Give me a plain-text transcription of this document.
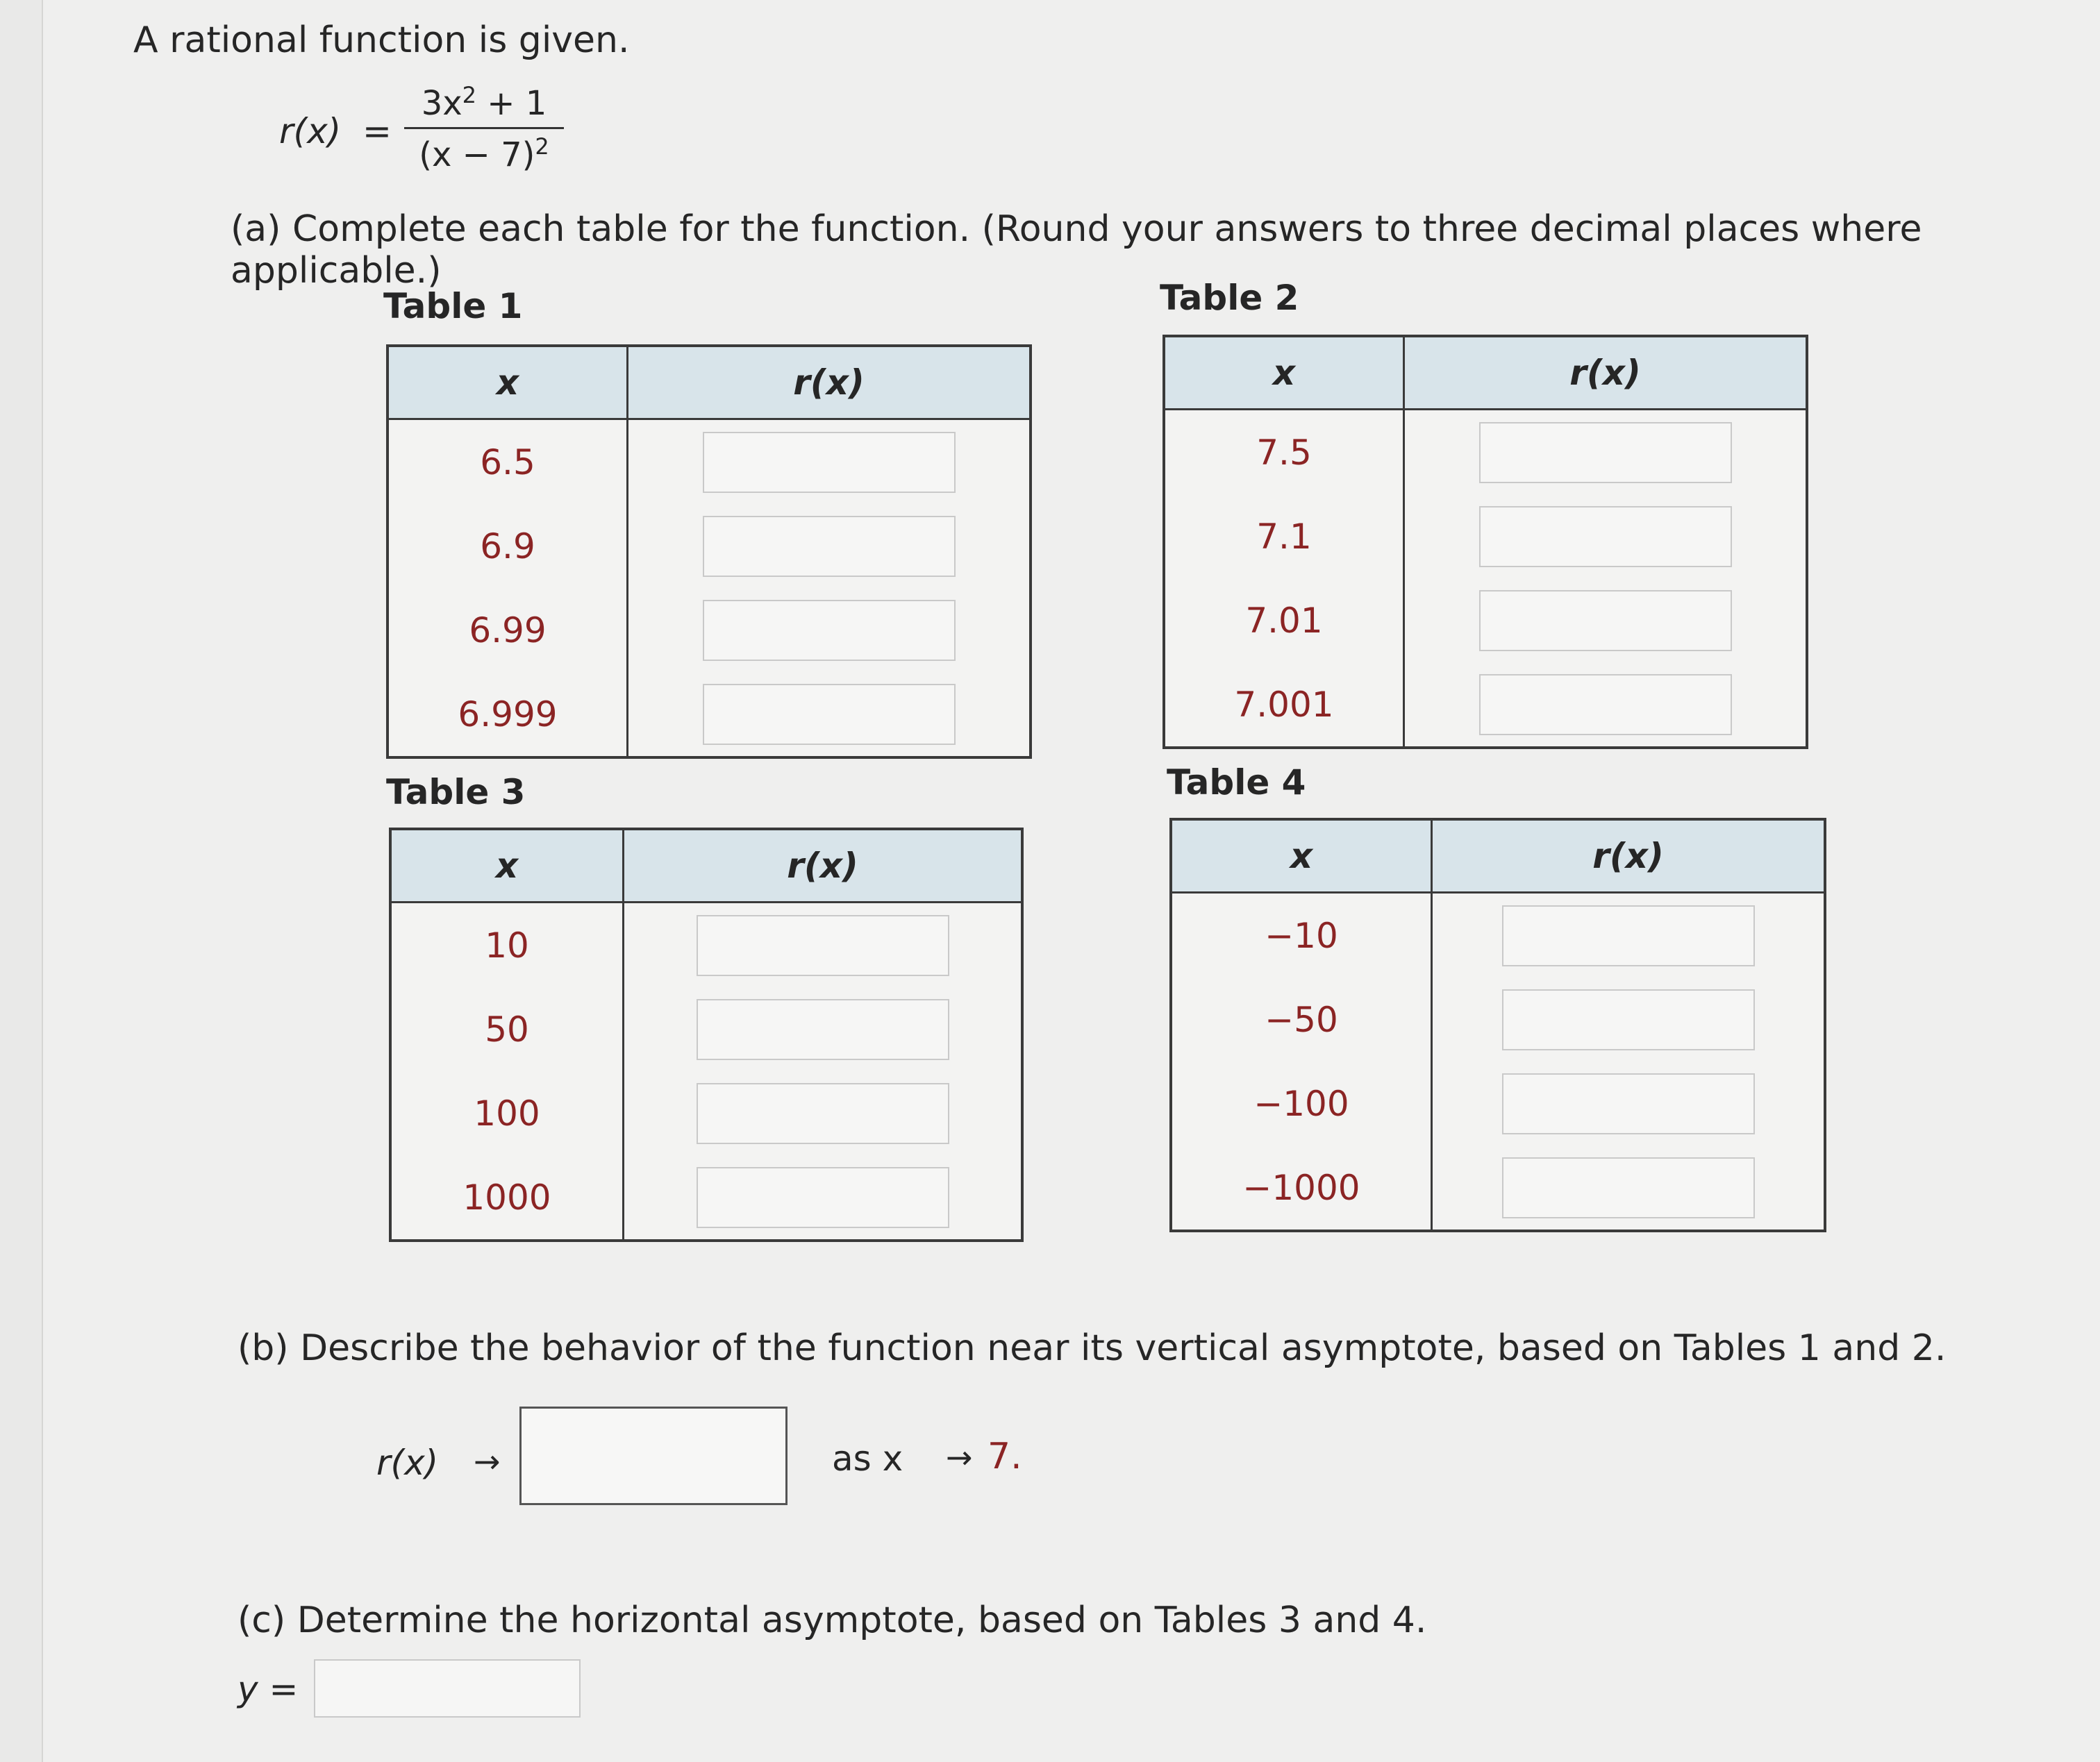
A rational function is given.
$r(x) = \frac{3x^2 + 1}{(x - 7)^2}$
(a) Complete each table for the function. (Round your answers to three decimal places where applicable.)
Table 1
x	r(x)
6.5	
6.9	
6.99	
6.999	
Table 2
x	r(x)
7.5	
7.1	
7.01	
7.001	
Table 3
x	r(x)
10	
50	
100	
1000	
Table 4
x	r(x)
−10	
−50	
−100	
−1000	
(b) Describe the behavior of the function near its vertical asymptote, based on Tables 1 and 2.
r(x) →	as x → 7.
(c) Determine the horizontal asymptote, based on Tables 3 and 4.
y =
